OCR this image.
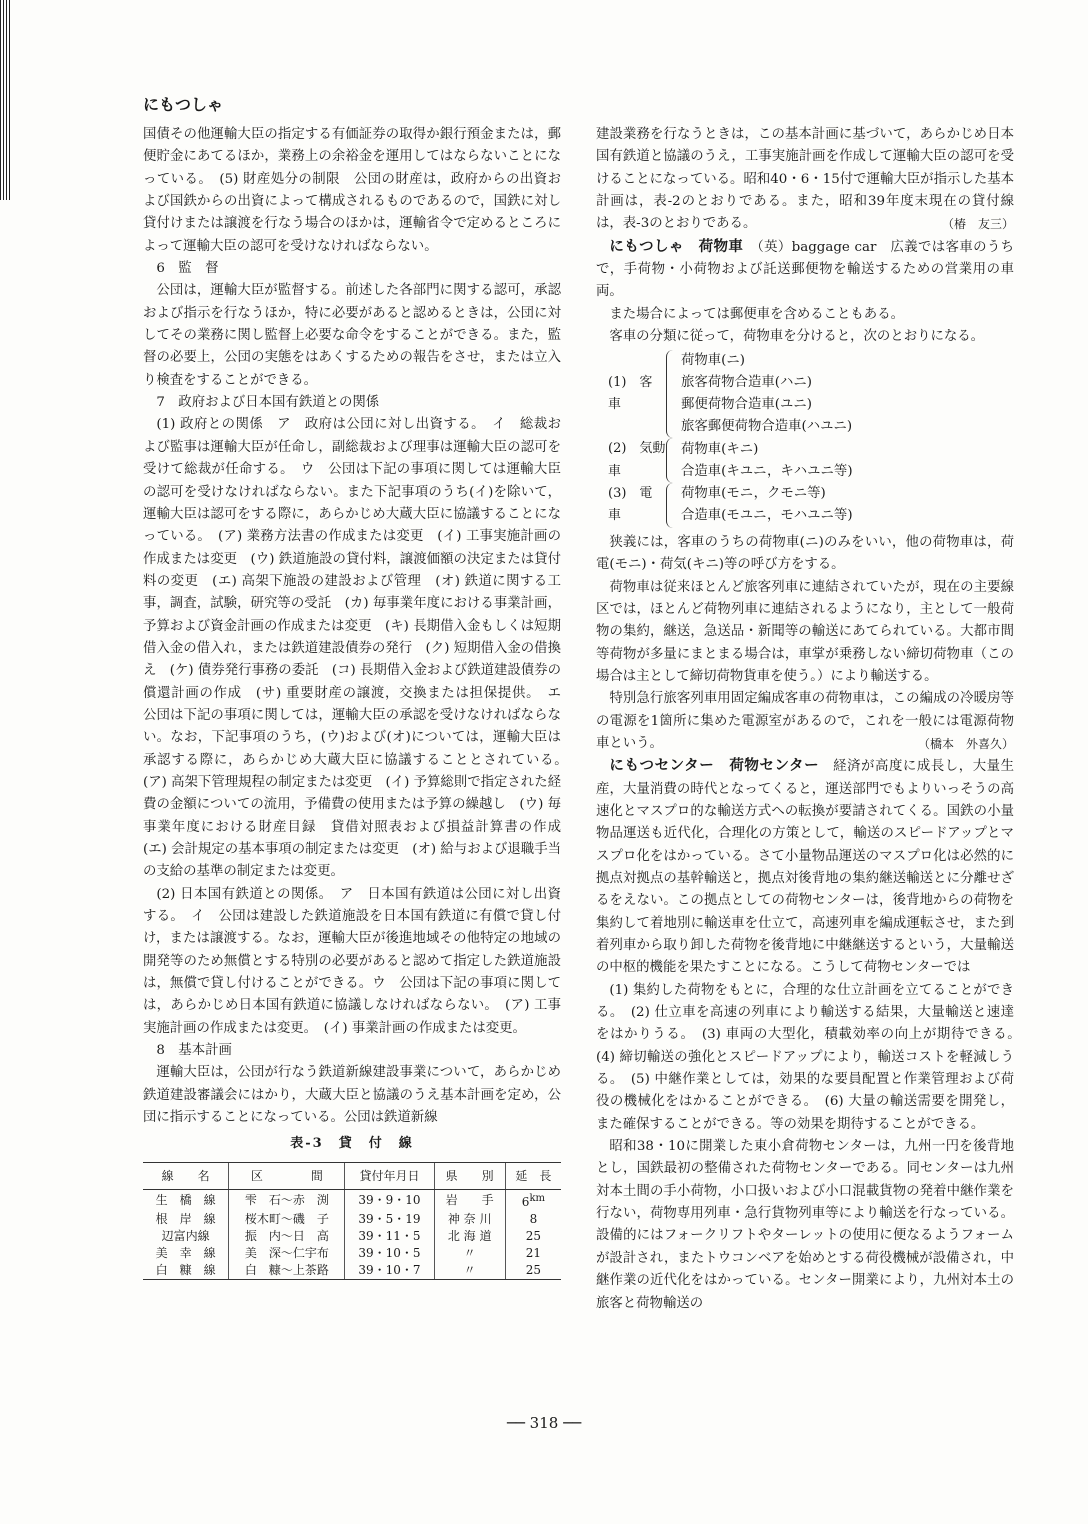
にもつしゃ

国債その他運輸大臣の指定する有価証券の取得か銀行預金または，郵便貯金にあてるほか，業務上の余裕金を運用してはならないことになっている。　(5) 財産処分の制限　公団の財産は，政府からの出資および国鉄からの出資によって構成されるものであるので，国鉄に対し貸付けまたは譲渡を行なう場合のほかは，運輸省令で定めるところによって運輸大臣の認可を受けなければならない。

6　監　督

公団は，運輸大臣が監督する。前述した各部門に関する認可，承認および指示を行なうほか，特に必要があると認めるときは，公団に対してその業務に関し監督上必要な命令をすることができる。また，監督の必要上，公団の実態をはあくするための報告をさせ，または立入り検査をすることができる。

7　政府および日本国有鉄道との関係

(1) 政府との関係　ア　政府は公団に対し出資する。　イ　総裁および監事は運輸大臣が任命し，副総裁および理事は運輸大臣の認可を受けて総裁が任命する。　ウ　公団は下記の事項に関しては運輸大臣の認可を受けなければならない。また下記事項のうち(イ)を除いて，運輸大臣は認可をする際に，あらかじめ大蔵大臣に協議することになっている。　(ア) 業務方法書の作成または変更　(イ) 工事実施計画の作成または変更　(ウ) 鉄道施設の貸付料，譲渡価額の決定または貸付料の変更　(エ) 高架下施設の建設および管理　(オ) 鉄道に関する工事，調査，試験，研究等の受託　(カ) 毎事業年度における事業計画，予算および資金計画の作成または変更　(キ) 長期借入金もしくは短期借入金の借入れ，または鉄道建設債券の発行　(ク) 短期借入金の借換え　(ケ) 債券発行事務の委託　(コ) 長期借入金および鉄道建設債券の償還計画の作成　(サ) 重要財産の譲渡，交換または担保提供。　エ　公団は下記の事項に関しては，運輸大臣の承認を受けなければならない。なお，下記事項のうち，(ウ)および(オ)については，運輸大臣は承認する際に，あらかじめ大蔵大臣に協議することとされている。　(ア) 高架下管理規程の制定または変更　(イ) 予算総則で指定された経費の金額についての流用，予備費の使用または予算の繰越し　(ウ) 毎事業年度における財産目録　貸借対照表および損益計算書の作成　(エ) 会計規定の基本事項の制定または変更　(オ) 給与および退職手当の支給の基準の制定または変更。

(2) 日本国有鉄道との関係。　ア　日本国有鉄道は公団に対し出資する。　イ　公団は建設した鉄道施設を日本国有鉄道に有償で貸し付け，または譲渡する。なお，運輸大臣が後進地域その他特定の地域の開発等のため無償とする特別の必要があると認めて指定した鉄道施設は，無償で貸し付けることができる。ウ　公団は下記の事項に関しては，あらかじめ日本国有鉄道に協議しなければならない。　(ア) 工事実施計画の作成または変更。　(イ) 事業計画の作成または変更。

8　基本計画

運輸大臣は，公団が行なう鉄道新線建設事業について，あらかじめ鉄道建設審議会にはかり，大蔵大臣と協議のうえ基本計画を定め，公団に指示することになっている。公団は鉄道新線

表-3　貸　付　線
線　　名	区　　　　間	貸付年月日	県　　別	延　長
生　橋　線	雫　石～赤　渕	39・9・10	岩　　手	$6^{km}$
根　岸　線	桜木町～磯　子	39・5・19	神 奈 川	8
辺富内線	振　内～日　高	39・11・5	北 海 道	25
美　幸　線	美　深～仁宇布	39・10・5	〃	21
白　糠　線	白　糠～上茶路	39・10・7	〃	25

建設業務を行なうときは，この基本計画に基づいて，あらかじめ日本国有鉄道と協議のうえ，工事実施計画を作成して運輸大臣の認可を受けることになっている。昭和40・6・15付で運輸大臣が指示した基本計画は，表-2のとおりである。また，昭和39年度末現在の貸付線は，表-3のとおりである。	（椿　友三）

にもつしゃ　荷物車　 （英）baggage car　広義では客車のうちで，手荷物・小荷物および託送郵便物を輸送するための営業用の車両。

また場合によっては郵便車を含めることもある。

客車の分類に従って，荷物車を分けると，次のとおりになる。

(1)　客　車
荷物車(ニ)
旅客荷物合造車(ハニ)
郵便荷物合造車(ユニ)
旅客郵便荷物合造車(ハユニ)
(2)　気動車
荷物車(キニ)
合造車(キユニ，キハユニ等)
(3)　電　車
荷物車(モニ，クモニ等)
合造車(モユニ，モハユニ等)

狭義には，客車のうちの荷物車(ニ)のみをいい，他の荷物車は，荷電(モニ)・荷気(キニ)等の呼び方をする。

荷物車は従来ほとんど旅客列車に連結されていたが，現在の主要線区では，ほとんど荷物列車に連結されるようになり，主として一般荷物の集約，継送，急送品・新聞等の輸送にあてられている。大都市間等荷物が多量にまとまる場合は，車掌が乗務しない締切荷物車（この場合は主として締切荷物貨車を使う。）により輸送する。

特別急行旅客列車用固定編成客車の荷物車は，この編成の冷暖房等の電源を1箇所に集めた電源室があるので，これを一般には電源荷物車という。	（橋本　外喜久）

にもつセンター　荷物センター　 経済が高度に成長し，大量生産，大量消費の時代となってくると，運送部門でもよりいっそうの高速化とマスプロ的な輸送方式への転換が要請されてくる。国鉄の小量物品運送も近代化，合理化の方策として，輸送のスピードアップとマスプロ化をはかっている。さて小量物品運送のマスプロ化は必然的に拠点対拠点の基幹輸送と，拠点対後背地の集約継送輸送とに分離せざるをえない。この拠点としての荷物センターは，後背地からの荷物を集約して着地別に輸送車を仕立て，高速列車を編成運転させ，また到着列車から取り卸した荷物を後背地に中継継送するという，大量輸送の中枢的機能を果たすことになる。こうして荷物センターでは

(1) 集約した荷物をもとに，合理的な仕立計画を立てることができる。　(2) 仕立車を高速の列車により輸送する結果，大量輸送と速達をはかりうる。　(3) 車両の大型化，積載効率の向上が期待できる。　(4) 締切輸送の強化とスピードアップにより，輸送コストを軽減しうる。　(5) 中継作業としては，効果的な要員配置と作業管理および荷役の機械化をはかることができる。　(6) 大量の輸送需要を開発し，また確保することができる。等の効果を期待することができる。

昭和38・10に開業した東小倉荷物センターは，九州一円を後背地とし，国鉄最初の整備された荷物センターである。同センターは九州対本土間の手小荷物，小口扱いおよび小口混載貨物の発着中継作業を行ない，荷物専用列車・急行貨物列車等により輸送を行なっている。設備的にはフォークリフトやターレットの使用に便なるようフォームが設計され，またトウコンベアを始めとする荷役機械が設備され，中継作業の近代化をはかっている。センター開業により，九州対本土の旅客と荷物輸送の

── 318 ──
